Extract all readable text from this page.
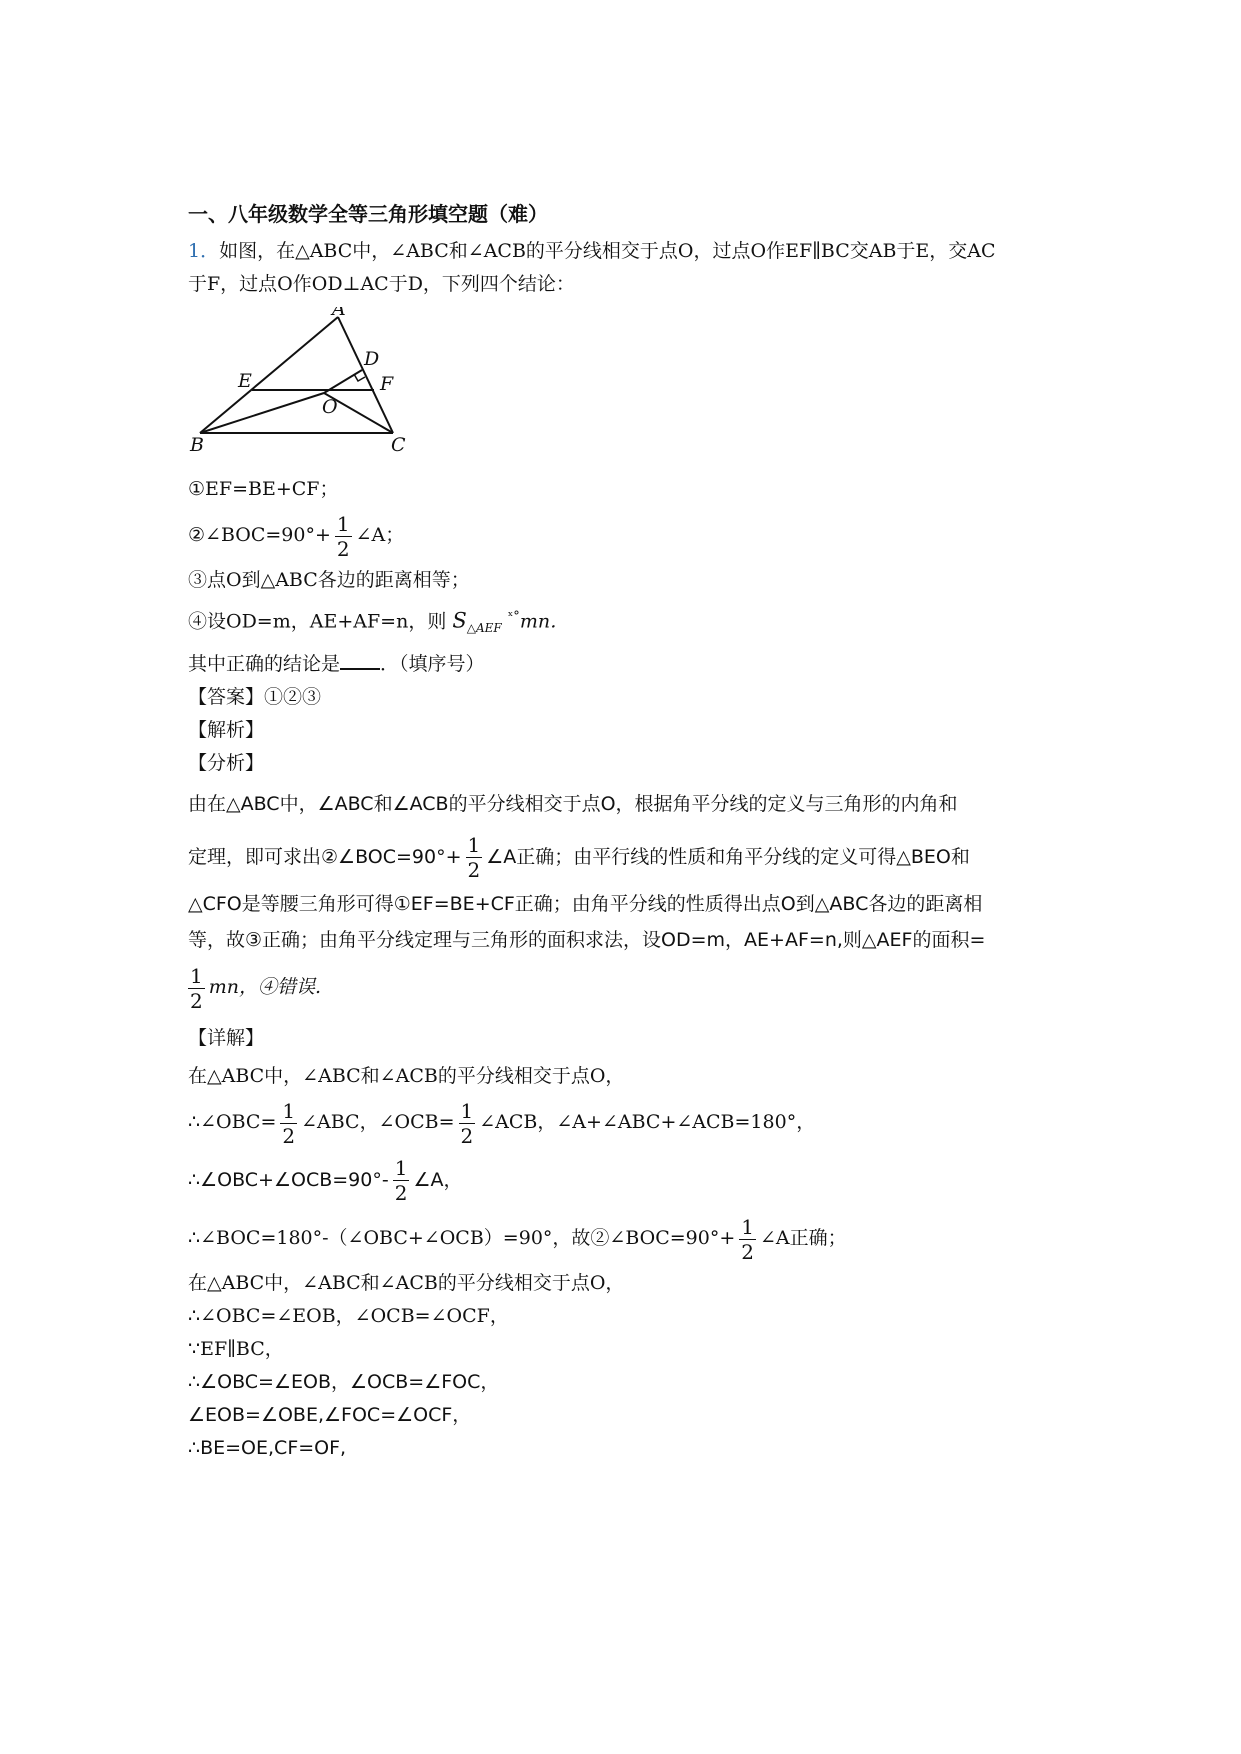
一、八年级数学全等三角形填空题（难）
1．如图，在△ABC中，∠ABC和∠ACB的平分线相交于点O，过点O作EF∥BC交AB于E，交AC
于F，过点O作OD⊥AC于D，下列四个结论：
A
D
E	F
O
B	C
①EF=BE+CF；
②∠BOC=90°+ $\frac{1}{2}$ ∠A；
③点O到△ABC各边的距离相等；
④设OD=m，AE+AF=n，则 $S_{\triangle AEF}$ $^{ˣ^\circ}$mn．
其中正确的结论是 ．（填序号）
【答案】①②③
【解析】
【分析】
由在△ABC中，∠ABC和∠ACB的平分线相交于点O，根据角平分线的定义与三角形的内角和
定理，即可求出②∠BOC=90°+ $\frac{1}{2}$ ∠A正确；由平行线的性质和角平分线的定义可得△BEO和
△CFO是等腰三角形可得①EF=BE+CF正确；由角平分线的性质得出点O到△ABC各边的距离相
等，故③正确；由角平分线定理与三角形的面积求法，设OD=m，AE+AF=n,则△AEF的面积=
$\frac{1}{2}$ mn，④错误.
【详解】
在△ABC中，∠ABC和∠ACB的平分线相交于点O，
∴∠OBC= $\frac{1}{2}$ ∠ABC，∠OCB= $\frac{1}{2}$ ∠ACB，∠A+∠ABC+∠ACB=180°，
∴∠OBC+∠OCB=90°- $\frac{1}{2}$ ∠A，
∴∠BOC=180°-（∠OBC+∠OCB）=90°，故②∠BOC=90°+ $\frac{1}{2}$ ∠A正确；
在△ABC中，∠ABC和∠ACB的平分线相交于点O，
∴∠OBC=∠EOB，∠OCB=∠OCF，
∵EF∥BC，
∴∠OBC=∠EOB，∠OCB=∠FOC，
∠EOB=∠OBE,∠FOC=∠OCF，
∴BE=OE,CF=OF,
